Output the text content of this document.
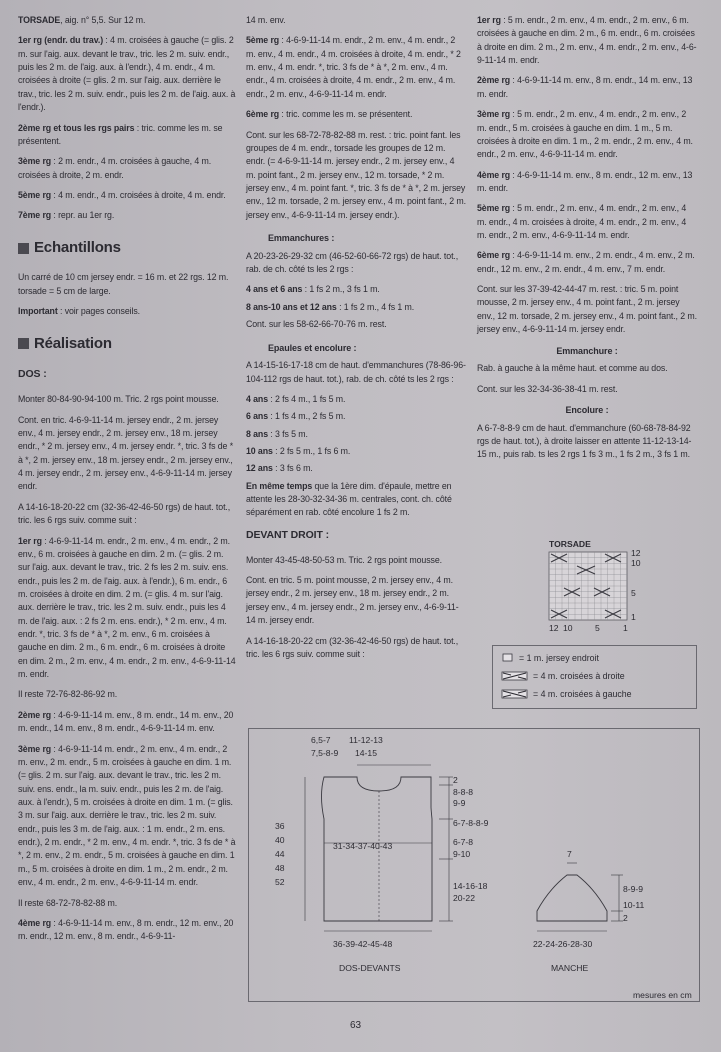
TORSADE, aig. n° 5,5. Sur 12 m.

1er rg (endr. du trav.) : 4 m. croisées à gauche (= glis. 2 m. sur l'aig. aux. devant le trav., tric. les 2 m. suiv. endr., puis les 2 m. de l'aig. aux. à l'endr.), 4 m. endr., 4 m. croisées à droite (= glis. 2 m. sur l'aig. aux. derrière le trav., tric. les 2 m. suiv. endr., puis les 2 m. de l'aig. aux. à l'endr.).

2ème rg et tous les rgs pairs : tric. comme les m. se présentent.

3ème rg : 2 m. endr., 4 m. croisées à gauche, 4 m. croisées à droite, 2 m. endr.

5ème rg : 4 m. endr., 4 m. croisées à droite, 4 m. endr.

7ème rg : repr. au 1er rg.

Echantillons

Un carré de 10 cm jersey endr. = 16 m. et 22 rgs. 12 m. torsade = 5 cm de large.

Important : voir pages conseils.

Réalisation
DOS :

Monter 80-84-90-94-100 m. Tric. 2 rgs point mousse.

Cont. en tric. 4-6-9-11-14 m. jersey endr., 2 m. jersey env., 4 m. jersey endr., 2 m. jersey env., 18 m. jersey endr., * 2 m. jersey env., 4 m. jersey endr. *, tric. 3 fs de * à *, 2 m. jersey env., 18 m. jersey endr., 2 m. jersey env., 4 m. jersey endr., 2 m. jersey env., 4-6-9-11-14 m. jersey endr.

A 14-16-18-20-22 cm (32-36-42-46-50 rgs) de haut. tot., tric. les 6 rgs suiv. comme suit :

1er rg : 4-6-9-11-14 m. endr., 2 m. env., 4 m. endr., 2 m. env., 6 m. croisées à gauche en dim. 2 m. (= glis. 2 m. sur l'aig. aux. devant le trav., tric. 2 fs les 2 m. suiv. ens. endr., puis les 2 m. de l'aig. aux. à l'endr.), 6 m. endr., 6 m. croisées à droite en dim. 2 m. (= glis. 4 m. sur l'aig. aux. derrière le trav., tric. les 2 m. suiv. endr., puis les 4 m. de l'aig. aux. : 2 fs 2 m. ens. endr.), * 2 m. env., 4 m. endr. *, tric. 3 fs de * à *, 2 m. env., 6 m. croisées à gauche en dim. 2 m., 6 m. endr., 6 m. croisées à droite en dim. 2 m., 2 m. env., 4 m. endr., 2 m. env., 4-6-9-11-14 m. endr.

Il reste 72-76-82-86-92 m.

2ème rg : 4-6-9-11-14 m. env., 8 m. endr., 14 m. env., 20 m. endr., 14 m. env., 8 m. endr., 4-6-9-11-14 m. env.

3ème rg : 4-6-9-11-14 m. endr., 2 m. env., 4 m. endr., 2 m. env., 2 m. endr., 5 m. croisées à gauche en dim. 1 m. (= glis. 2 m. sur l'aig. aux. devant le trav., tric. les 2 m. suiv. ens. endr., la m. suiv. endr., puis les 2 m. de l'aig. aux. à l'endr.), 5 m. croisées à droite en dim. 1 m. (= glis. 3 m. sur l'aig. aux. derrière le trav., tric. les 2 m. suiv. endr., puis les 3 m. de l'aig. aux. : 1 m. endr., 2 m. ens. endr.), 2 m. endr., * 2 m. env., 4 m. endr. *, tric. 3 fs de * à *, 2 m. env., 2 m. endr., 5 m. croisées à gauche en dim. 1 m., 5 m. croisées à droite en dim. 1 m., 2 m. endr., 2 m. env., 4 m. endr., 2 m. env., 4-6-9-11-14 m. endr.

Il reste 68-72-78-82-88 m.

4ème rg : 4-6-9-11-14 m. env., 8 m. endr., 12 m. env., 20 m. endr., 12 m. env., 8 m. endr., 4-6-9-11-

14 m. env.

5ème rg : 4-6-9-11-14 m. endr., 2 m. env., 4 m. endr., 2 m. env., 4 m. endr., 4 m. croisées à droite, 4 m. endr., * 2 m. env., 4 m. endr. *, tric. 3 fs de * à *, 2 m. env., 4 m. endr., 4 m. croisées à droite, 4 m. endr., 2 m. env., 4 m. endr., 2 m. env., 4-6-9-11-14 m. endr.

6ème rg : tric. comme les m. se présentent.

Cont. sur les 68-72-78-82-88 m. rest. : tric. point fant. les groupes de 4 m. endr., torsade les groupes de 12 m. endr. (= 4-6-9-11-14 m. jersey endr., 2 m. jersey env., 4 m. point fant., 2 m. jersey env., 12 m. torsade, * 2 m. jersey env., 4 m. point fant. *, tric. 3 fs de * à *, 2 m. jersey env., 12 m. torsade, 2 m. jersey env., 4 m. point fant., 2 m. jersey env., 4-6-9-11-14 m. jersey endr.).

Emmanchures :

A 20-23-26-29-32 cm (46-52-60-66-72 rgs) de haut. tot., rab. de ch. côté ts les 2 rgs :

4 ans et 6 ans : 1 fs 2 m., 3 fs 1 m.

8 ans-10 ans et 12 ans : 1 fs 2 m., 4 fs 1 m.

Cont. sur les 58-62-66-70-76 m. rest.

Epaules et encolure :

A 14-15-16-17-18 cm de haut. d'emmanchures (78-86-96-104-112 rgs de haut. tot.), rab. de ch. côté ts les 2 rgs :

4 ans : 2 fs 4 m., 1 fs 5 m.

6 ans : 1 fs 4 m., 2 fs 5 m.

8 ans : 3 fs 5 m.

10 ans : 2 fs 5 m., 1 fs 6 m.

12 ans : 3 fs 6 m.

En même temps que la 1ère dim. d'épaule, mettre en attente les 28-30-32-34-36 m. centrales, cont. ch. côté séparément en rab. côté encolure 1 fs 2 m.

DEVANT DROIT :

Monter 43-45-48-50-53 m. Tric. 2 rgs point mousse.

Cont. en tric. 5 m. point mousse, 2 m. jersey env., 4 m. jersey endr., 2 m. jersey env., 18 m. jersey endr., 2 m. jersey env., 4 m. jersey endr., 2 m. jersey env., 4-6-9-11-14 m. jersey endr.

A 14-16-18-20-22 cm (32-36-42-46-50 rgs) de haut. tot., tric. les 6 rgs suiv. comme suit :

1er rg : 5 m. endr., 2 m. env., 4 m. endr., 2 m. env., 6 m. croisées à gauche en dim. 2 m., 6 m. endr., 6 m. croisées à droite en dim. 2 m., 2 m. env., 4 m. endr., 2 m. env., 4-6-9-11-14 m. endr.

2ème rg : 4-6-9-11-14 m. env., 8 m. endr., 14 m. env., 13 m. endr.

3ème rg : 5 m. endr., 2 m. env., 4 m. endr., 2 m. env., 2 m. endr., 5 m. croisées à gauche en dim. 1 m., 5 m. croisées à droite en dim. 1 m., 2 m. endr., 2 m. env., 4 m. endr., 2 m. env., 4-6-9-11-14 m. endr.

4ème rg : 4-6-9-11-14 m. env., 8 m. endr., 12 m. env., 13 m. endr.

5ème rg : 5 m. endr., 2 m. env., 4 m. endr., 2 m. env., 4 m. endr., 4 m. croisées à droite, 4 m. endr., 2 m. env., 4 m. endr., 2 m. env., 4-6-9-11-14 m. endr.

6ème rg : 4-6-9-11-14 m. env., 2 m. endr., 4 m. env., 2 m. endr., 12 m. env., 2 m. endr., 4 m. env., 7 m. endr.

Cont. sur les 37-39-42-44-47 m. rest. : tric. 5 m. point mousse, 2 m. jersey env., 4 m. point fant., 2 m. jersey env., 12 m. torsade, 2 m. jersey env., 4 m. point fant., 2 m. jersey env., 4-6-9-11-14 m. jersey endr.

Emmanchure :

Rab. à gauche à la même haut. et comme au dos.

Cont. sur les 32-34-36-38-41 m. rest.

Encolure :

A 6-7-8-8-9 cm de haut. d'emmanchure (60-68-78-84-92 rgs de haut. tot.), à droite laisser en attente 11-12-13-14-15 m., puis rab. ts les 2 rgs 1 fs 3 m., 1 fs 2 m., 3 fs 1 m.

TORSADE
12
10
5
1
12 10	5	1
= 1 m. jersey endroit
= 4 m. croisées à droite
= 4 m. croisées à gauche
6,5-7 11-12-13
7,5-8-9 14-15
2
8-8-8
9-9
6-7-8-8-9
6-7-8
9-10
14-16-18
20-22
36
40
44
48
52
31-34-37-40-43
36-39-42-45-48
DOS-DEVANTS
7
8-9-9
10-11
2
22-24-26-28-30
MANCHE
mesures en cm
63
